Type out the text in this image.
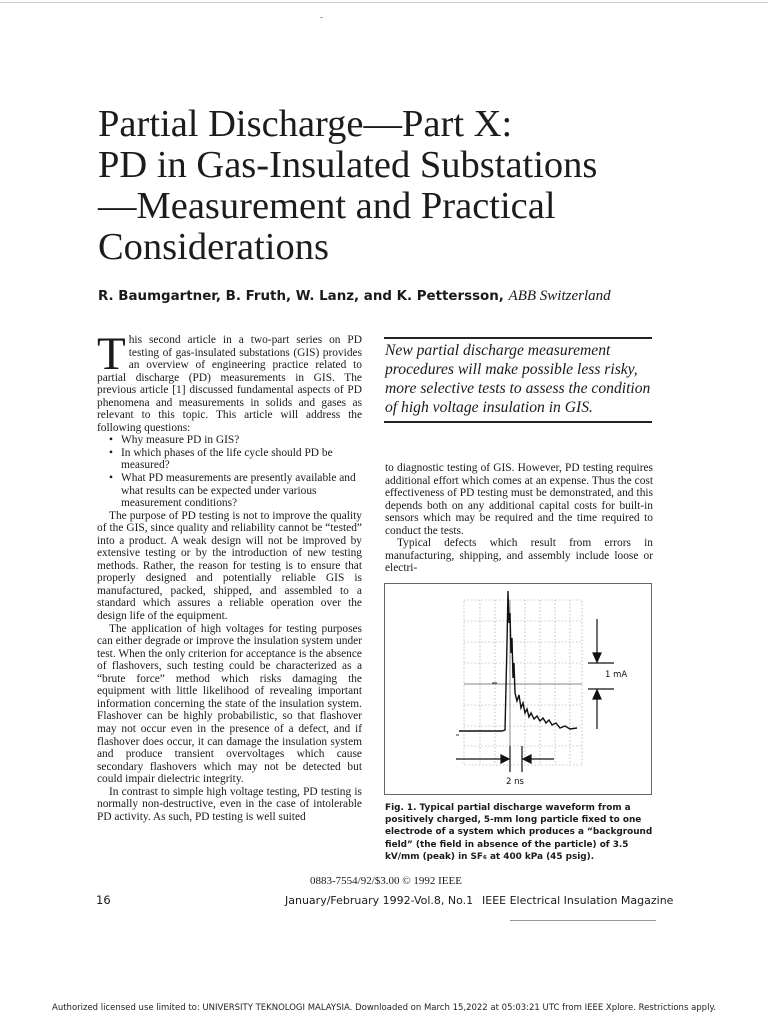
Partial Discharge—Part X:
PD in Gas-Insulated Substations
—Measurement and Practical
Considerations
R. Baumgartner, B. Fruth, W. Lanz, and K. Pettersson, ABB Switzerland

This second article in a two-part series on PD testing of gas-insulated substations (GIS) provides an overview of engineering practice related to partial discharge (PD) measurements in GIS. The previous article [1] discussed fundamental aspects of PD phenomena and measurements in solids and gases as relevant to this topic. This article will address the following questions:

• Why measure PD in GIS?
• In which phases of the life cycle should PD be measured?
• What PD measurements are presently available and what results can be expected under various measurement conditions?

The purpose of PD testing is not to improve the quality of the GIS, since quality and reliability cannot be “tested” into a product. A weak design will not be improved by extensive testing or by the introduction of new testing methods. Rather, the reason for testing is to ensure that properly designed and potentially reliable GIS is manufactured, packed, shipped, and assembled to a standard which assures a reliable operation over the design life of the equipment.

The application of high voltages for testing purposes can either degrade or improve the insulation system under test. When the only criterion for acceptance is the absence of flashovers, such testing could be characterized as a “brute force” method which risks damaging the equipment with little likelihood of revealing important information concerning the state of the insulation system. Flashover can be highly probabilistic, so that flashover may not occur even in the presence of a defect, and if flashover does occur, it can damage the insulation system and produce transient overvoltages which cause secondary flashovers which may not be detected but could impair dielectric integrity.

In contrast to simple high voltage testing, PD testing is normally non-destructive, even in the case of intolerable PD activity. As such, PD testing is well suited

New partial discharge measurement procedures will make possible less risky, more selective tests to assess the condition of high voltage insulation in GIS.

to diagnostic testing of GIS. However, PD testing requires additional effort which comes at an expense. Thus the cost effectiveness of PD testing must be demonstrated, and this depends both on any additional capital costs for built-in sensors which may be required and the time required to conduct the tests.

Typical defects which result from errors in manufacturing, shipping, and assembly include loose or electri-

1 mA
2 ns
Fig. 1. Typical partial discharge waveform from a positively charged, 5-mm long particle fixed to one electrode of a system which produces a “background field” (the field in absence of the particle) of 3.5 kV/mm (peak) in SF₆ at 400 kPa (45 psig).
0883-7554/92/$3.00 © 1992 IEEE
16	January/February 1992-Vol.8, No.1 IEEE Electrical Insulation Magazine
Authorized licensed use limited to: UNIVERSITY TEKNOLOGI MALAYSIA. Downloaded on March 15,2022 at 05:03:21 UTC from IEEE Xplore. Restrictions apply.
